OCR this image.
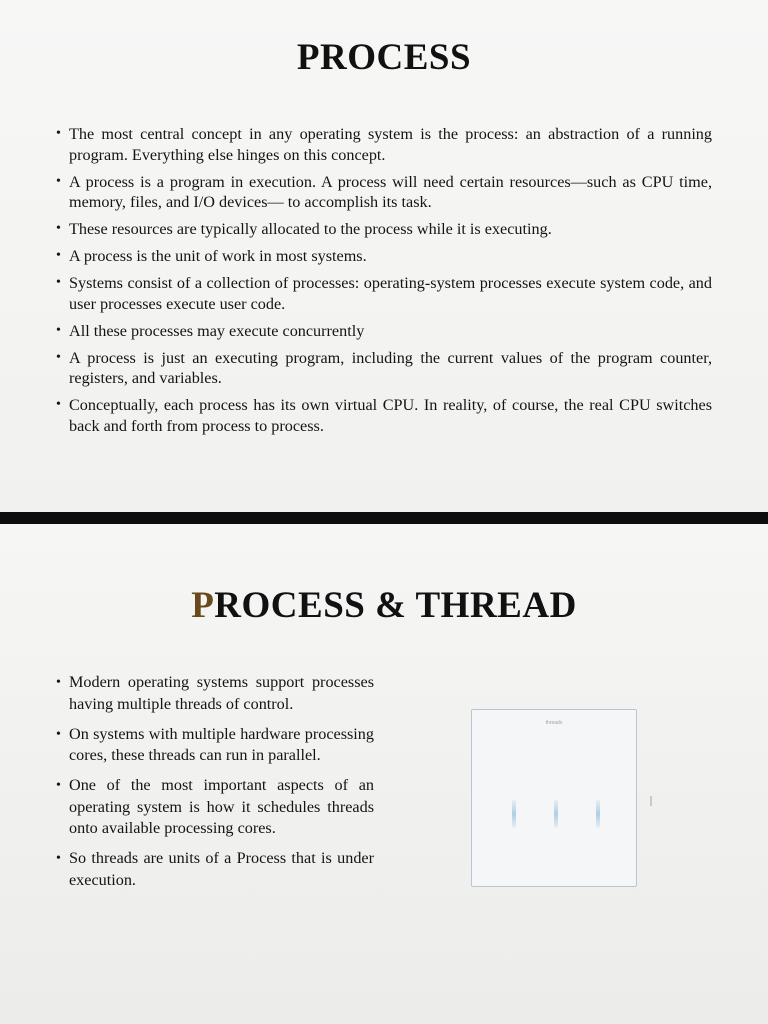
PROCESS
• The most central concept in any operating system is the process: an abstraction of a running program. Everything else hinges on this concept.
• A process is a program in execution. A process will need certain resources—such as CPU time, memory, files, and I/O devices— to accomplish its task.
• These resources are typically allocated to the process while it is executing.
• A process is the unit of work in most systems.
• Systems consist of a collection of processes: operating-system processes execute system code, and user processes execute user code.
• All these processes may execute concurrently
• A process is just an executing program, including the current values of the program counter, registers, and variables.
• Conceptually, each process has its own virtual CPU. In reality, of course, the real CPU switches back and forth from process to process.
PROCESS & THREAD
• Modern operating systems support processes having multiple threads of control.
• On systems with multiple hardware processing cores, these threads can run in parallel.
• One of the most important aspects of an operating system is how it schedules threads onto available processing cores.
• So threads are units of a Process that is under execution.
threads
